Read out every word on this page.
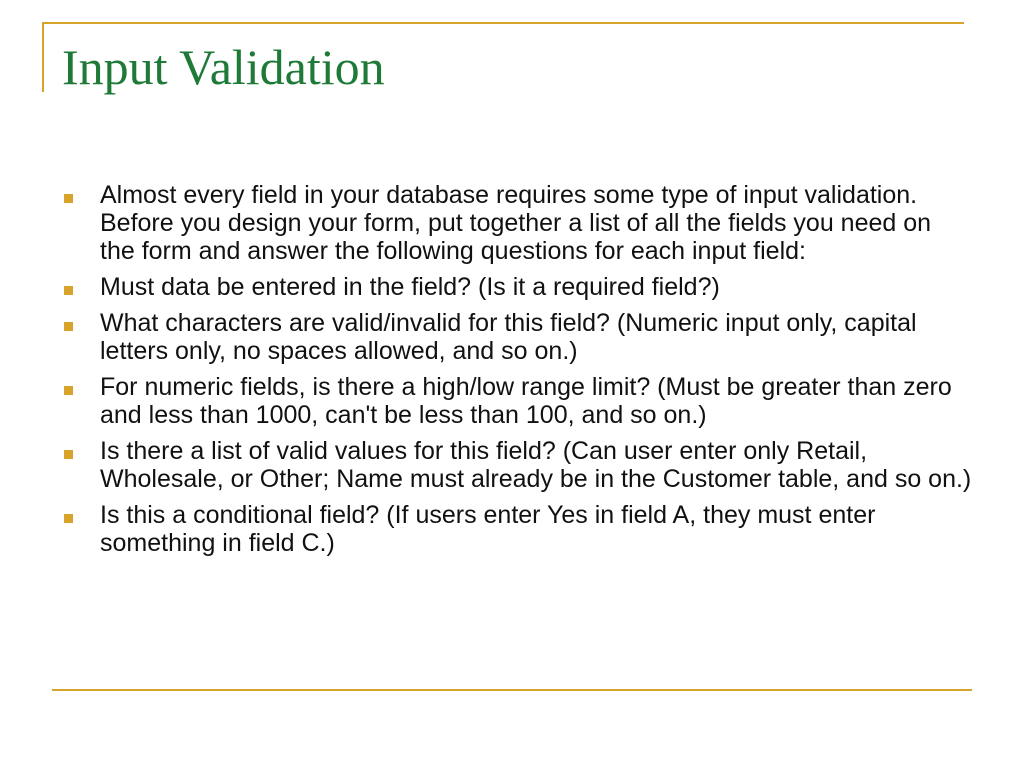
Input Validation
Almost every field in your database requires some type of input validation. Before you design your form, put together a list of all the fields you need on the form and answer the following questions for each input field:
Must data be entered in the field? (Is it a required field?)
What characters are valid/invalid for this field? (Numeric input only, capital letters only, no spaces allowed, and so on.)
For numeric fields, is there a high/low range limit? (Must be greater than zero and less than 1000, can't be less than 100, and so on.)
Is there a list of valid values for this field? (Can user enter only Retail, Wholesale, or Other; Name must already be in the Customer table, and so on.)
Is this a conditional field? (If users enter Yes in field A, they must enter something in field C.)
